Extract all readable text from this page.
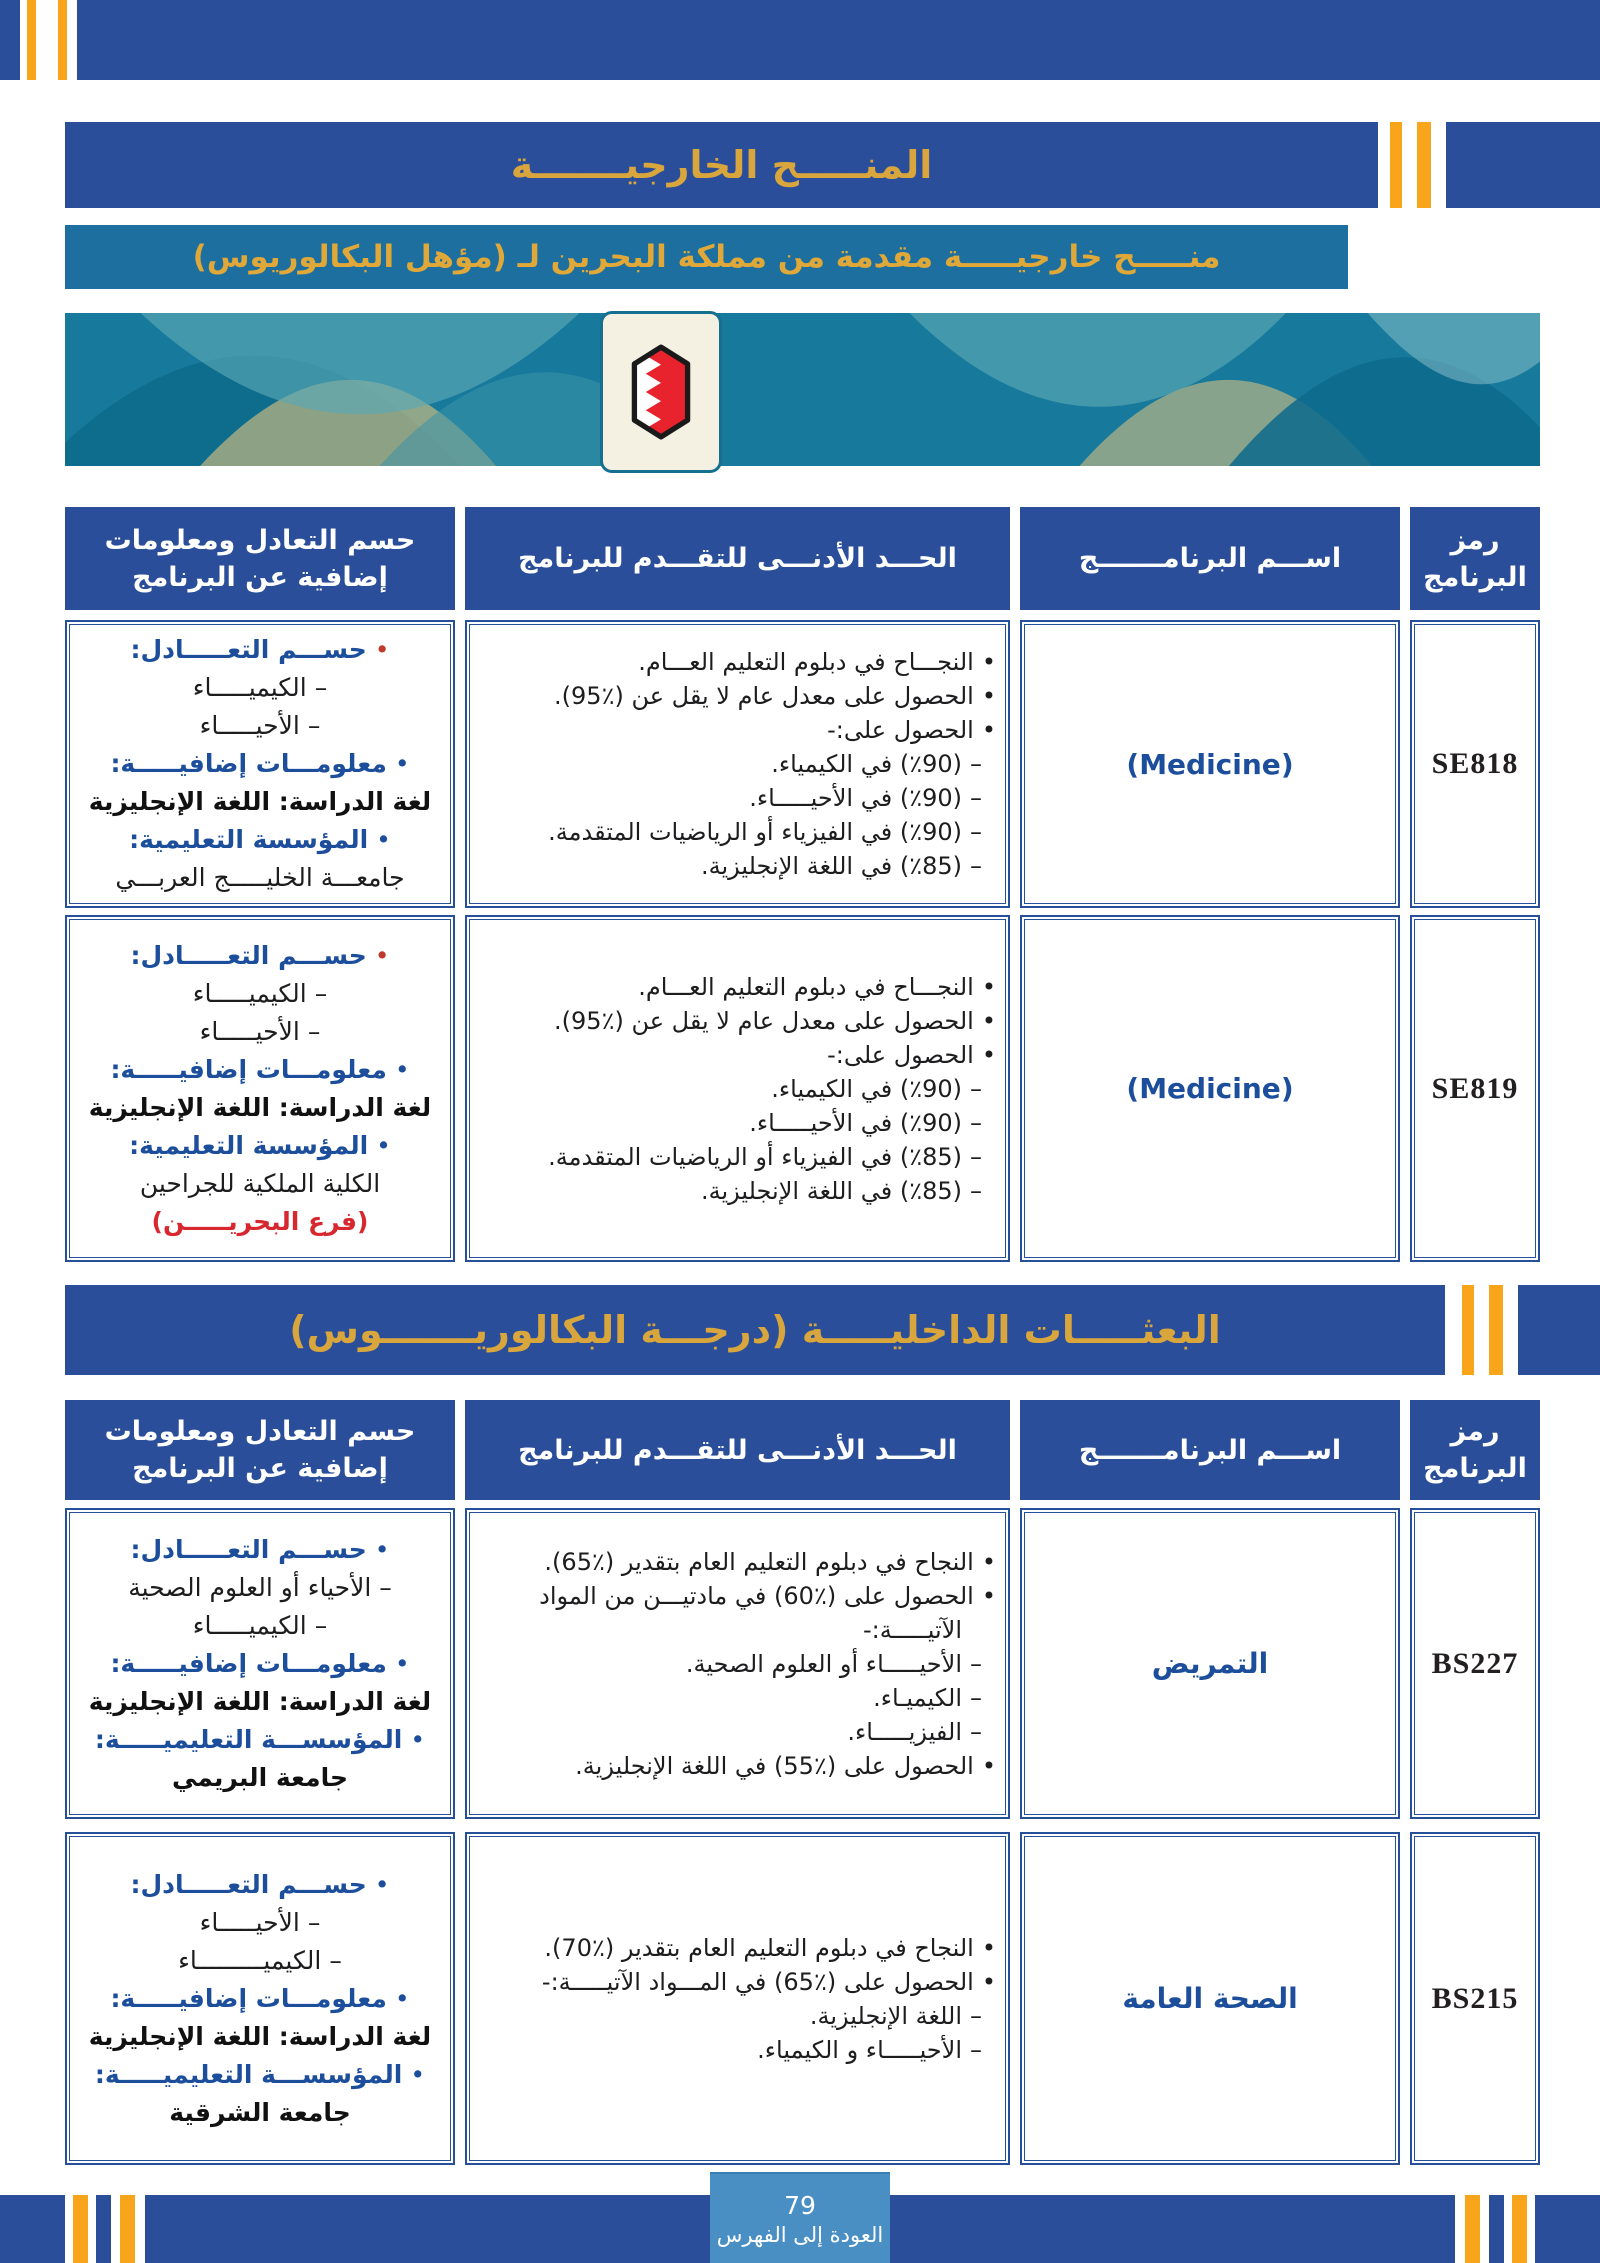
المنـــــح الخارجيـــــــة
منـــــح خارجيـــــة مقدمة من مملكة البحرين لـ (مؤهل البكالوريوس)
رمز البرنامج
اســـم البرنامـــــــج
الحـــد الأدنـــى للتقـــدم للبرنامج
حسم التعادل ومعلومات إضافية عن البرنامج
SE818
(Medicine)
•النجـــاح في دبلوم التعليم العـــام.
•الحصول على معدل عام لا يقل عن (٪95).
•الحصول على:-
–(٪90) في الكيمياء.
–(٪90) في الأحيـــــاء.
–(٪90) في الفيزياء أو الرياضيات المتقدمة.
–(٪85) في اللغة الإنجليزية.
•حســـم التعـــــادل:
–الكيميـــــاء
–الأحيـــــاء
•معلومـــات إضافيـــــة:
لغة الدراسة: اللغة الإنجليزية
•المؤسسة التعليمية:
جامعـــة الخليـــــج العربـــي
SE819
(Medicine)
•النجـــاح في دبلوم التعليم العـــام.
•الحصول على معدل عام لا يقل عن (٪95).
•الحصول على:-
–(٪90) في الكيمياء.
–(٪90) في الأحيـــــاء.
–(٪85) في الفيزياء أو الرياضيات المتقدمة.
–(٪85) في اللغة الإنجليزية.
•حســـم التعـــــادل:
–الكيميـــــاء
–الأحيـــــاء
•معلومـــات إضافيـــــة:
لغة الدراسة: اللغة الإنجليزية
•المؤسسة التعليمية:
الكلية الملكية للجراحين
(فرع البحريـــــن)
البعثـــــات الداخليـــــة (درجـــة البكالوريـــــــوس)
رمز البرنامج
اســـم البرنامـــــــج
الحـــد الأدنـــى للتقـــدم للبرنامج
حسم التعادل ومعلومات إضافية عن البرنامج
BS227
التمريض
•النجاح في دبلوم التعليم العام بتقدير (٪65).
•الحصول على (٪60) في مادتيـــن من المواد الآتيـــــة:-
–الأحيـــــاء أو العلوم الصحية.
–الكيميـاء.
–الفيزيـــــاء.
•الحصول على (٪55) في اللغة الإنجليزية.
•حســـم التعـــــادل:
–الأحياء أو العلوم الصحية
–الكيميـــــاء
•معلومـــات إضافيـــــة:
لغة الدراسة: اللغة الإنجليزية
•المؤسســـة التعليميـــــة:
جامعة البريمي
BS215
الصحة العامة
•النجاح في دبلوم التعليم العام بتقدير (٪70).
•الحصول على (٪65) في المـــواد الآتيـــــة:-
–اللغة الإنجليزية.
–الأحيـــــاء و الكيمياء.
•حســـم التعـــــادل:
–الأحيـــــاء
–الكيميـــــــــاء
•معلومـــات إضافيـــــة:
لغة الدراسة: اللغة الإنجليزية
•المؤسســـة التعليميـــــة:
جامعة الشرقية
79
العودة إلى الفهرس
